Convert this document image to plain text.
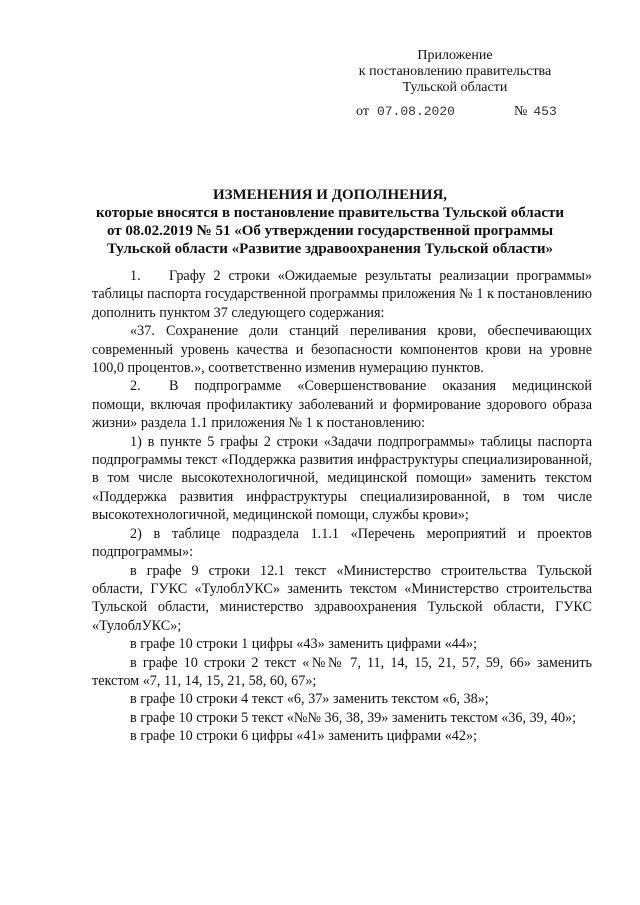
Приложение
к постановлению правительства
Тульской области
от 07.08.2020	№ 453
ИЗМЕНЕНИЯ И ДОПОЛНЕНИЯ,
которые вносятся в постановление правительства Тульской области
от 08.02.2019 № 51 «Об утверждении государственной программы
Тульской области «Развитие здравоохранения Тульской области»

1.  Графу 2 строки «Ожидаемые результаты реализации программы» таблицы паспорта государственной программы приложения № 1 к постановлению дополнить пунктом 37 следующего содержания:

«37. Сохранение доли станций переливания крови, обеспечивающих современный уровень качества и безопасности компонентов крови на уровне 100,0 процентов.», соответственно изменив нумерацию пунктов.

2.  В подпрограмме «Совершенствование оказания медицинской помощи, включая профилактику заболеваний и формирование здорового образа жизни» раздела 1.1 приложения № 1 к постановлению:

1) в пункте 5 графы 2 строки «Задачи подпрограммы» таблицы паспорта подпрограммы текст «Поддержка развития инфраструктуры специализированной, в том числе высокотехнологичной, медицинской помощи» заменить текстом «Поддержка развития инфраструктуры специализированной, в том числе высокотехнологичной, медицинской помощи, службы крови»;

2) в таблице подраздела 1.1.1 «Перечень мероприятий и проектов подпрограммы»:

в графе 9 строки 12.1 текст «Министерство строительства Тульской области, ГУКС «ТулоблУКС» заменить текстом «Министерство строительства Тульской области, министерство здравоохранения Тульской области, ГУКС «ТулоблУКС»;

в графе 10 строки 1 цифры «43» заменить цифрами «44»;

в графе 10 строки 2 текст «№№ 7, 11, 14, 15, 21, 57, 59, 66» заменить текстом «7, 11, 14, 15, 21, 58, 60, 67»;

в графе 10 строки 4 текст «6, 37» заменить текстом «6, 38»;

в графе 10 строки 5 текст «№№ 36, 38, 39» заменить текстом «36, 39, 40»;

в графе 10 строки 6 цифры «41» заменить цифрами «42»;
